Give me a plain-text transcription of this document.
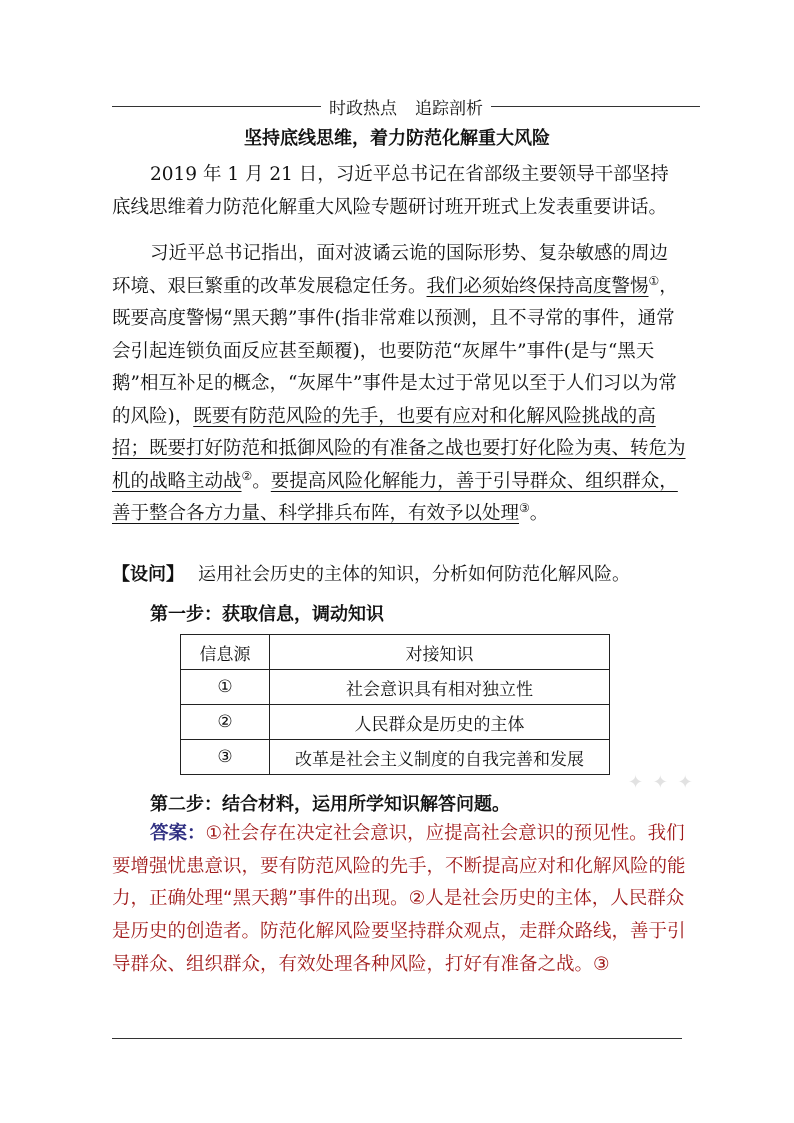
时政热点 追踪剖析
坚持底线思维，着力防范化解重大风险
2019 年 1 月 21 日，习近平总书记在省部级主要领导干部坚持底线思维着力防范化解重大风险专题研讨班开班式上发表重要讲话。
习近平总书记指出，面对波谲云诡的国际形势、复杂敏感的周边环境、艰巨繁重的改革发展稳定任务。我们必须始终保持高度警惕①，既要高度警惕“黑天鹅”事件(指非常难以预测，且不寻常的事件，通常会引起连锁负面反应甚至颠覆)，也要防范“灰犀牛”事件(是与“黑天鹅”相互补足的概念，“灰犀牛”事件是太过于常见以至于人们习以为常的风险)，既要有防范风险的先手，也要有应对和化解风险挑战的高招；既要打好防范和抵御风险的有准备之战也要打好化险为夷、转危为机的战略主动战②。要提高风险化解能力，善于引导群众、组织群众，善于整合各方力量、科学排兵布阵，有效予以处理③。
【设问】 运用社会历史的主体的知识，分析如何防范化解风险。
第一步：获取信息，调动知识
信息源	对接知识
①	社会意识具有相对独立性
②	人民群众是历史的主体
③	改革是社会主义制度的自我完善和发展
✦ ✦ ✦
第二步：结合材料，运用所学知识解答问题。
答案：①社会存在决定社会意识，应提高社会意识的预见性。我们要增强忧患意识，要有防范风险的先手，不断提高应对和化解风险的能力，正确处理“黑天鹅”事件的出现。②人是社会历史的主体，人民群众是历史的创造者。防范化解风险要坚持群众观点，走群众路线，善于引导群众、组织群众，有效处理各种风险，打好有准备之战。③
